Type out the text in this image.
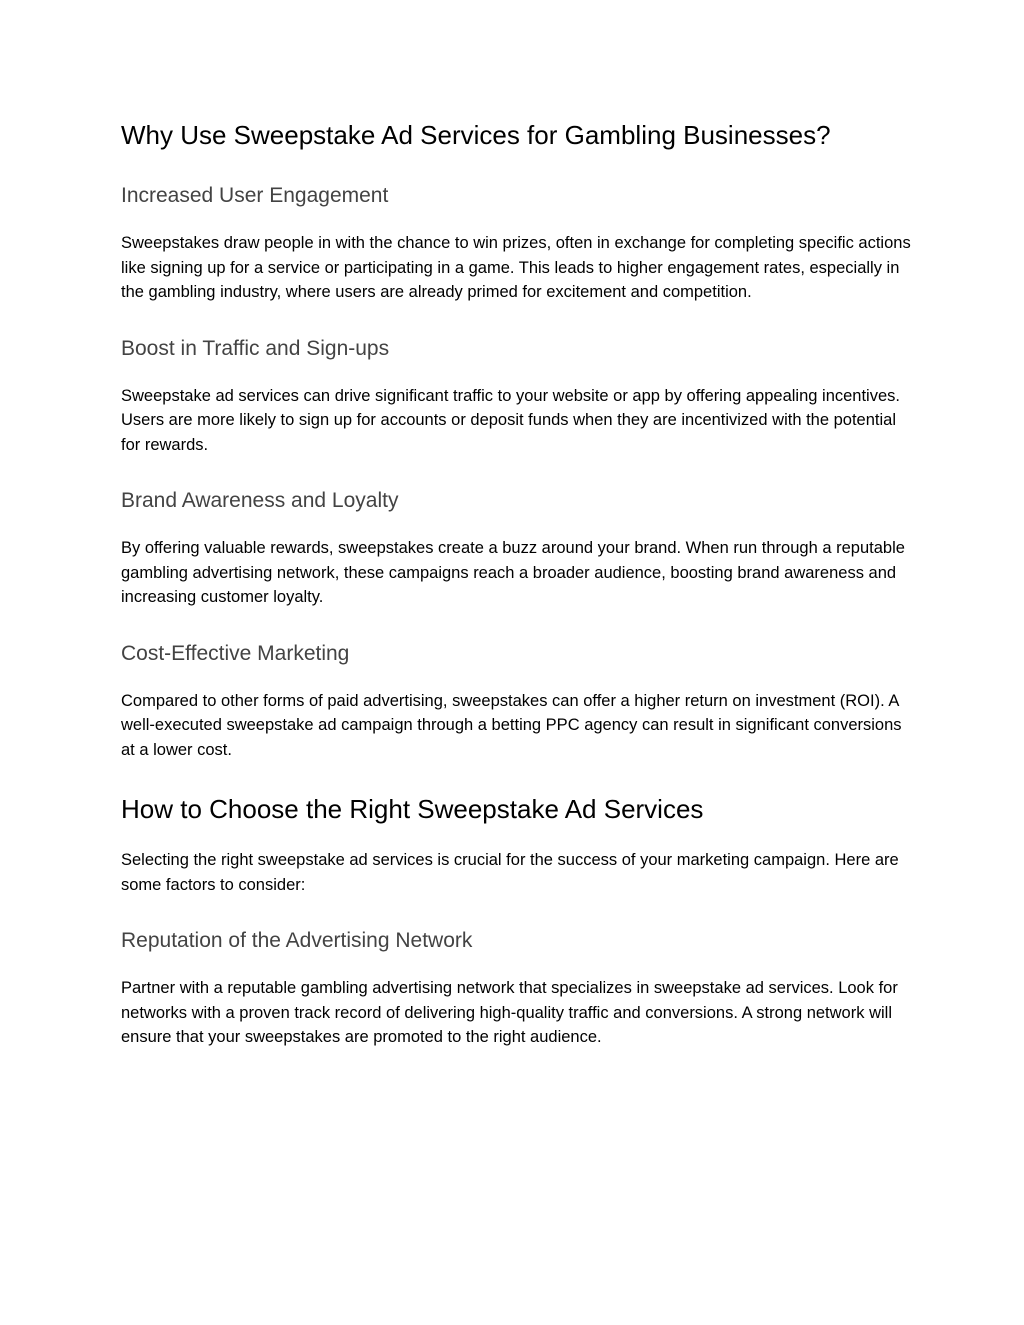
Why Use Sweepstake Ad Services for Gambling Businesses?
Increased User Engagement

Sweepstakes draw people in with the chance to win prizes, often in exchange for completing specific actions like signing up for a service or participating in a game. This leads to higher engagement rates, especially in the gambling industry, where users are already primed for excitement and competition.

Boost in Traffic and Sign-ups

Sweepstake ad services can drive significant traffic to your website or app by offering appealing incentives. Users are more likely to sign up for accounts or deposit funds when they are incentivized with the potential for rewards.

Brand Awareness and Loyalty

By offering valuable rewards, sweepstakes create a buzz around your brand. When run through a reputable gambling advertising network, these campaigns reach a broader audience, boosting brand awareness and increasing customer loyalty.

Cost-Effective Marketing

Compared to other forms of paid advertising, sweepstakes can offer a higher return on investment (ROI). A well-executed sweepstake ad campaign through a betting PPC agency can result in significant conversions at a lower cost.

How to Choose the Right Sweepstake Ad Services

Selecting the right sweepstake ad services is crucial for the success of your marketing campaign. Here are some factors to consider:

Reputation of the Advertising Network

Partner with a reputable gambling advertising network that specializes in sweepstake ad services. Look for networks with a proven track record of delivering high-quality traffic and conversions. A strong network will ensure that your sweepstakes are promoted to the right audience.
